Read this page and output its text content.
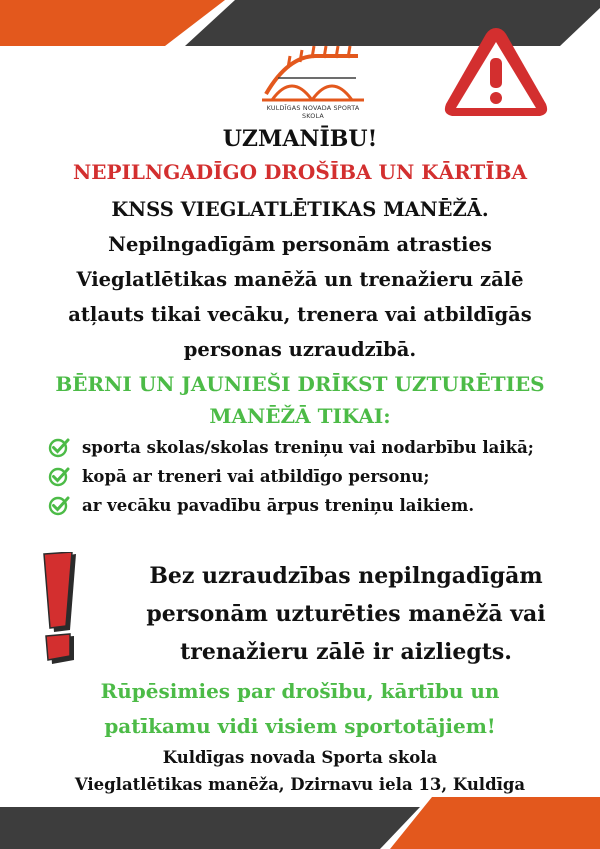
KULDĪGAS NOVADA SPORTA SKOLA
UZMANĪBU!
NEPILNGADĪGO DROŠĪBA UN KĀRTĪBA
KNSS VIEGLATLĒTIKAS MANĒŽĀ.
Nepilngadīgām personām atrasties
Vieglatlētikas manēžā un trenažieru zālē
atļauts tikai vecāku, trenera vai atbildīgās
personas uzraudzībā.
BĒRNI UN JAUNIEŠI DRĪKST UZTURĒTIES
MANĒŽĀ TIKAI:
sporta skolas/skolas treniņu vai nodarbību laikā;
kopā ar treneri vai atbildīgo personu;
ar vecāku pavadību ārpus treniņu laikiem.
Bez uzraudzības nepilngadīgām
personām uzturēties manēžā vai
trenažieru zālē ir aizliegts.
Rūpēsimies par drošību, kārtību un
patīkamu vidi visiem sportotājiem!
Kuldīgas novada Sporta skola
Vieglatlētikas manēža, Dzirnavu iela 13, Kuldīga
